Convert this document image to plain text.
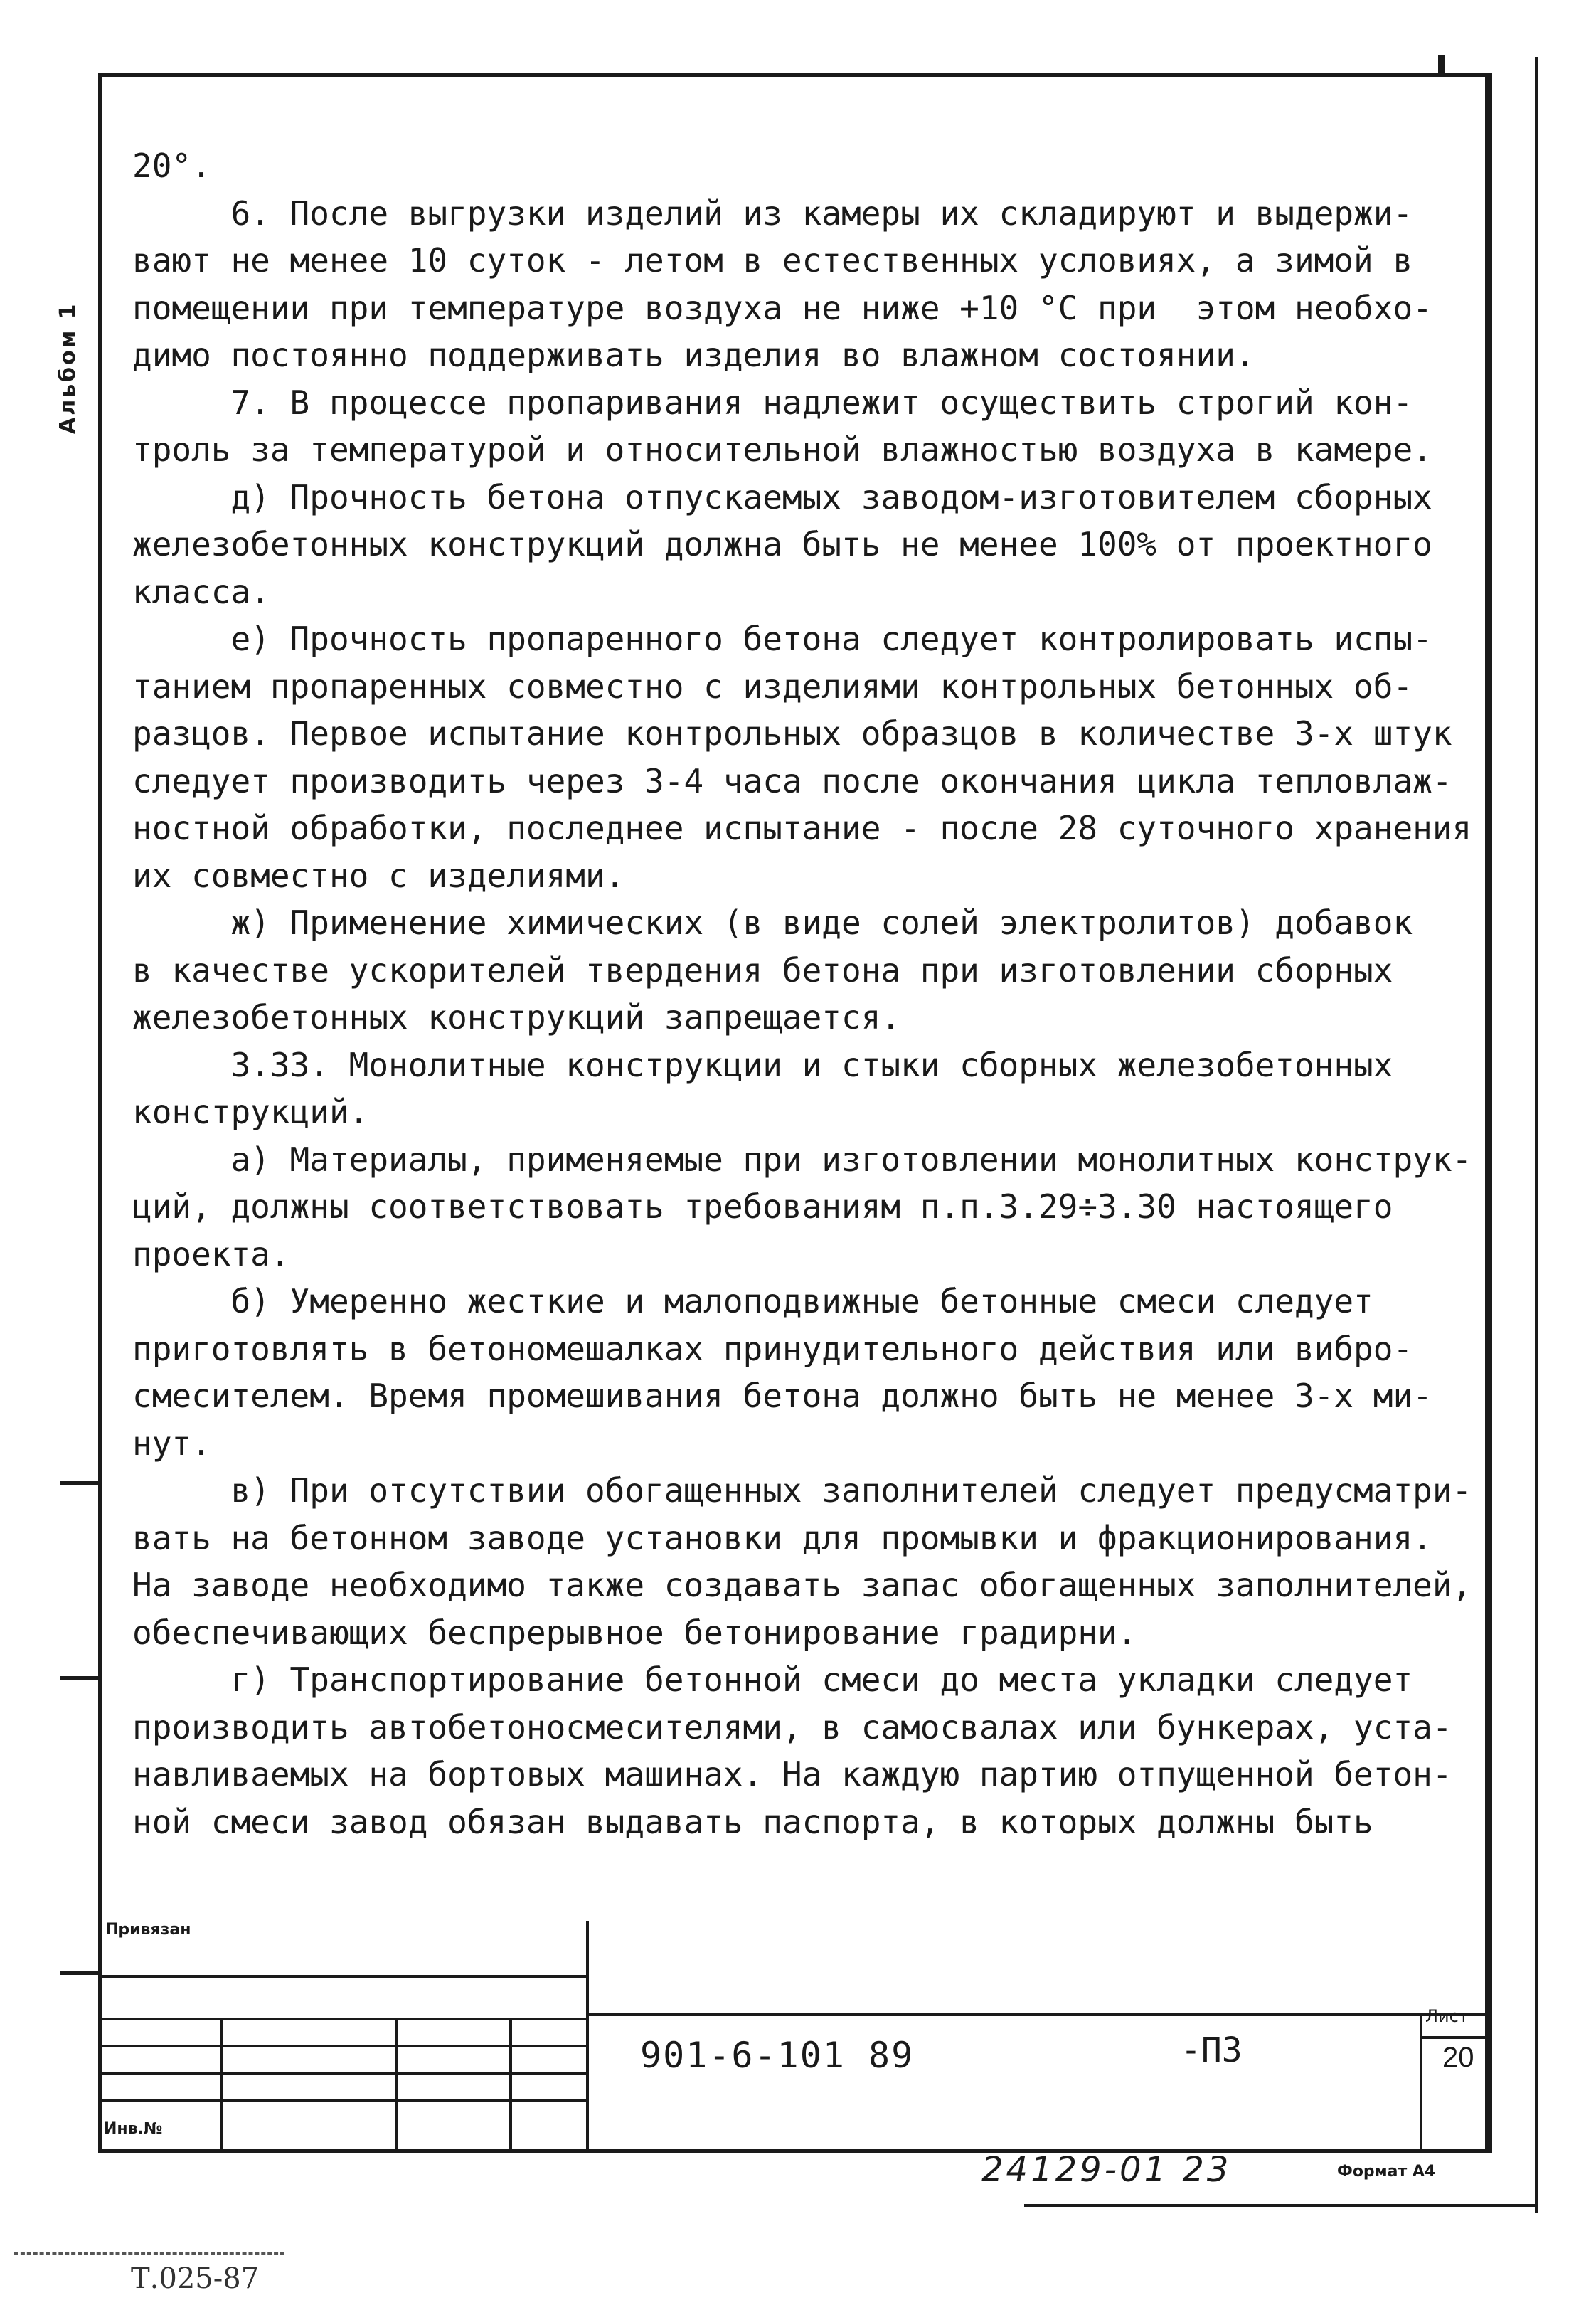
Альбом 1
20°.
6. После выгрузки изделий из камеры их складируют и выдержи-
вают не менее 10 суток - летом в естественных условиях, а зимой в
помещении при температуре воздуха не ниже +10 °С при  этом необхо-
димо постоянно поддерживать изделия во влажном состоянии.
7. В процессе пропаривания надлежит осуществить строгий кон-
троль за температурой и относительной влажностью воздуха в камере.
д) Прочность бетона отпускаемых заводом-изготовителем сборных
железобетонных конструкций должна быть не менее 100% от проектного
класса.
е) Прочность пропаренного бетона следует контролировать испы-
танием пропаренных совместно с изделиями контрольных бетонных об-
разцов. Первое испытание контрольных образцов в количестве 3-х штук
следует производить через 3-4 часа после окончания цикла тепловлаж-
ностной обработки, последнее испытание - после 28 суточного хранения
их совместно с изделиями.
ж) Применение химических (в виде солей электролитов) добавок
в качестве ускорителей твердения бетона при изготовлении сборных
железобетонных конструкций запрещается.
3.33. Монолитные конструкции и стыки сборных железобетонных
конструкций.
а) Материалы, применяемые при изготовлении монолитных конструк-
ций, должны соответствовать требованиям п.п.3.29÷3.30 настоящего
проекта.
б) Умеренно жесткие и малоподвижные бетонные смеси следует
приготовлять в бетономешалках принудительного действия или вибро-
смесителем. Время промешивания бетона должно быть не менее 3-х ми-
нут.
в) При отсутствии обогащенных заполнителей следует предусматри-
вать на бетонном заводе установки для промывки и фракционирования.
На заводе необходимо также создавать запас обогащенных заполнителей,
обеспечивающих беспрерывное бетонирование градирни.
г) Транспортирование бетонной смеси до места укладки следует
производить автобетоносмесителями, в самосвалах или бункерах, уста-
навливаемых на бортовых машинах. На каждую партию отпущенной бетон-
ной смеси завод обязан выдавать паспорта, в которых должны быть
Привязан
901-6-101 89	-ПЗ
Лист
20
Инв.№
24129-01 23	Формат А4
Т.025-87
